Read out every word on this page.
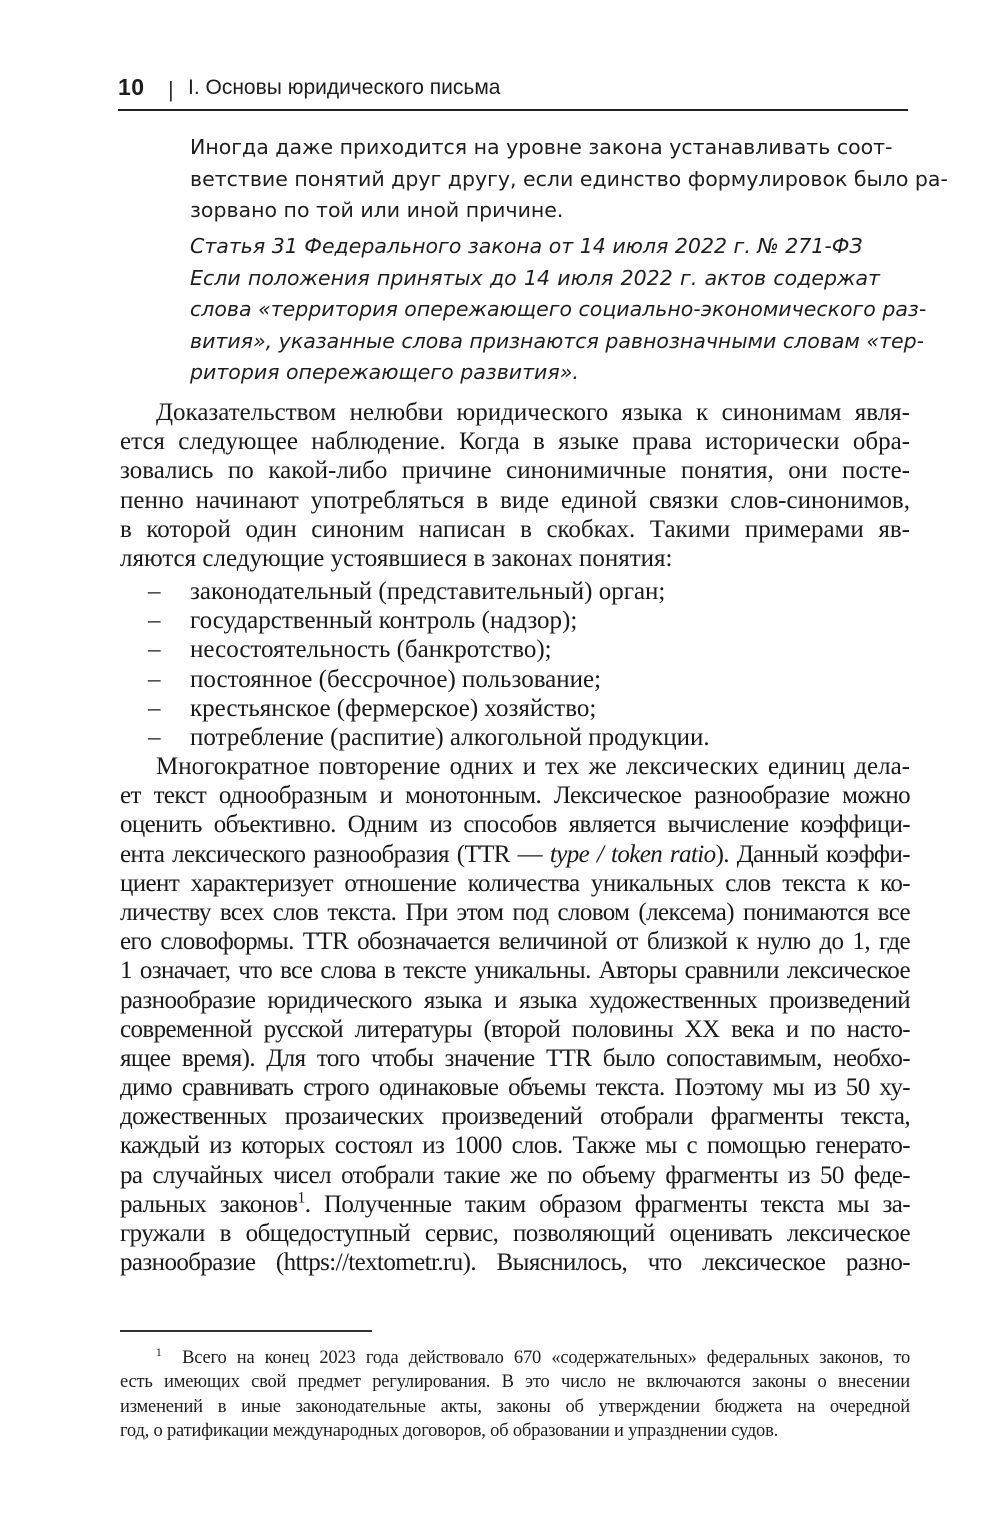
10 | I. Основы юридического письма
Иногда даже приходится на уровне закона устанавливать соот-
ветствие понятий друг другу, если единство формулировок было ра-
зорвано по той или иной причине.
Статья 31 Федерального закона от 14 июля 2022 г. № 271-ФЗ
Если положения принятых до 14 июля 2022 г. актов содержат
слова «территория опережающего социально-экономического раз-
вития», указанные слова признаются равнозначными словам «тер-
ритория опережающего развития».
Доказательством нелюбви юридического языка к синонимам явля-
ется следующее наблюдение. Когда в языке права исторически обра-
зовались по какой-либо причине синонимичные понятия, они посте-
пенно начинают употребляться в виде единой связки слов-синонимов,
в которой один синоним написан в скобках. Такими примерами яв-
ляются следующие устоявшиеся в законах понятия:
– законодательный (представительный) орган;
– государственный контроль (надзор);
– несостоятельность (банкротство);
– постоянное (бессрочное) пользование;
– крестьянское (фермерское) хозяйство;
– потребление (распитие) алкогольной продукции.
Многократное повторение одних и тех же лексических единиц дела-
ет текст однообразным и монотонным. Лексическое разнообразие можно
оценить объективно. Одним из способов является вычисление коэффици-
ента лексического разнообразия (TTR — type / token ratio). Данный коэффи-
циент характеризует отношение количества уникальных слов текста к ко-
личеству всех слов текста. При этом под словом (лексема) понимаются все
его словоформы. TTR обозначается величиной от близкой к нулю до 1, где
1 означает, что все слова в тексте уникальны. Авторы сравнили лексическое
разнообразие юридического языка и языка художественных произведений
современной русской литературы (второй половины XX века и по насто-
ящее время). Для того чтобы значение TTR было сопоставимым, необхо-
димо сравнивать строго одинаковые объемы текста. Поэтому мы из 50 ху-
дожественных прозаических произведений отобрали фрагменты текста,
каждый из которых состоял из 1000 слов. Также мы с помощью генерато-
ра случайных чисел отобрали такие же по объему фрагменты из 50 феде-
ральных законов$^1$. Полученные таким образом фрагменты текста мы за-
гружали в общедоступный сервис, позволяющий оценивать лексическое
разнообразие (https://textometr.ru). Выяснилось, что лексическое разно-
$^1$ Всего на конец 2023 года действовало 670 «содержательных» федеральных законов, то
есть имеющих свой предмет регулирования. В это число не включаются законы о внесении
изменений в иные законодательные акты, законы об утверждении бюджета на очередной
год, о ратификации международных договоров, об образовании и упразднении судов.
